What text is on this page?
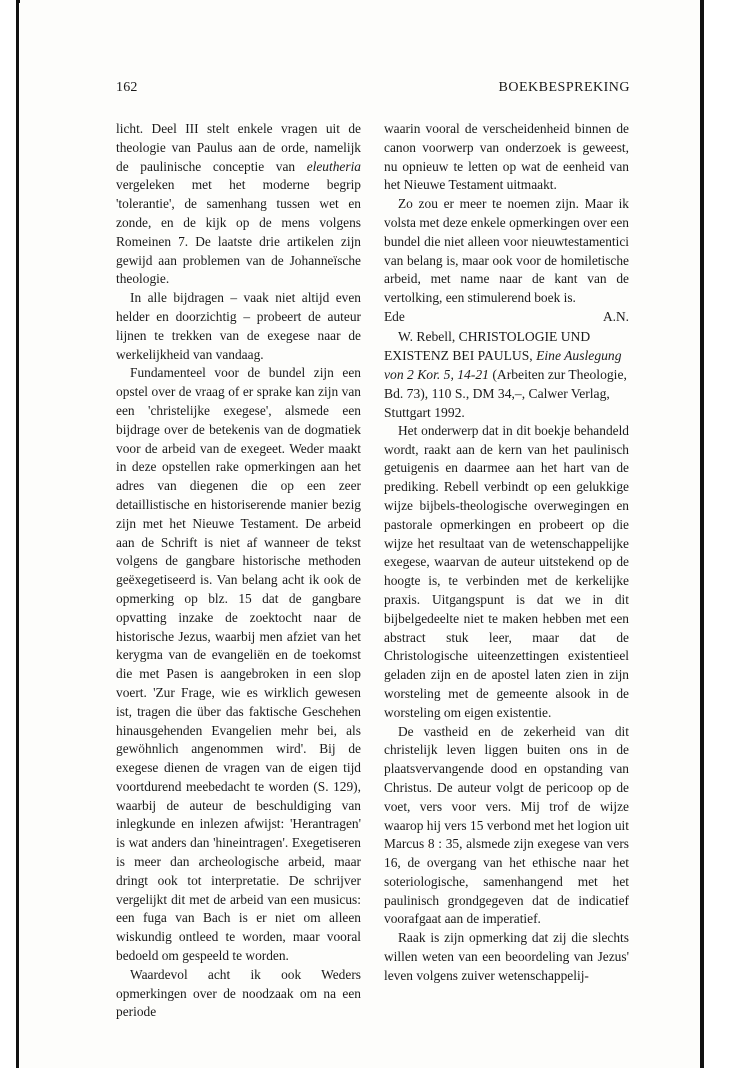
162	BOEKBESPREKING

licht. Deel III stelt enkele vragen uit de theologie van Paulus aan de orde, namelijk de paulinische conceptie van eleutheria vergeleken met het moderne begrip 'tolerantie', de samenhang tussen wet en zonde, en de kijk op de mens volgens Romeinen 7. De laatste drie artikelen zijn gewijd aan problemen van de Johanneïsche theologie.

In alle bijdragen – vaak niet altijd even helder en doorzichtig – probeert de auteur lijnen te trekken van de exegese naar de werkelijkheid van vandaag.

Fundamenteel voor de bundel zijn een opstel over de vraag of er sprake kan zijn van een 'christelijke exegese', alsmede een bijdrage over de betekenis van de dogmatiek voor de arbeid van de exegeet. Weder maakt in deze opstellen rake opmerkingen aan het adres van diegenen die op een zeer detaillistische en historiserende manier bezig zijn met het Nieuwe Testament. De arbeid aan de Schrift is niet af wanneer de tekst volgens de gangbare historische methoden geëxegetiseerd is. Van belang acht ik ook de opmerking op blz. 15 dat de gangbare opvatting inzake de zoektocht naar de historische Jezus, waarbij men afziet van het kerygma van de evangeliën en de toekomst die met Pasen is aangebroken in een slop voert. 'Zur Frage, wie es wirklich gewesen ist, tragen die über das faktische Geschehen hinausgehenden Evangelien mehr bei, als gewöhnlich angenommen wird'. Bij de exegese dienen de vragen van de eigen tijd voortdurend meebedacht te worden (S. 129), waarbij de auteur de beschuldiging van inlegkunde en inlezen afwijst: 'Herantragen' is wat anders dan 'hineintragen'. Exegetiseren is meer dan archeologische arbeid, maar dringt ook tot interpretatie. De schrijver vergelijkt dit met de arbeid van een musicus: een fuga van Bach is er niet om alleen wiskundig ontleed te worden, maar vooral bedoeld om gespeeld te worden.

Waardevol acht ik ook Weders opmerkingen over de noodzaak om na een periode

waarin vooral de verscheidenheid binnen de canon voorwerp van onderzoek is geweest, nu opnieuw te letten op wat de eenheid van het Nieuwe Testament uitmaakt.

Zo zou er meer te noemen zijn. Maar ik volsta met deze enkele opmerkingen over een bundel die niet alleen voor nieuwtestamentici van belang is, maar ook voor de homiletische arbeid, met name naar de kant van de vertolking, een stimulerend boek is.

Ede	A.N.

W. Rebell, CHRISTOLOGIE UND EXISTENZ BEI PAULUS, Eine Auslegung von 2 Kor. 5, 14-21 (Arbeiten zur Theologie, Bd. 73), 110 S., DM 34,–, Calwer Verlag, Stuttgart 1992.

Het onderwerp dat in dit boekje behandeld wordt, raakt aan de kern van het paulinisch getuigenis en daarmee aan het hart van de prediking. Rebell verbindt op een gelukkige wijze bijbels-theologische overwegingen en pastorale opmerkingen en probeert op die wijze het resultaat van de wetenschappelijke exegese, waarvan de auteur uitstekend op de hoogte is, te verbinden met de kerkelijke praxis. Uitgangspunt is dat we in dit bijbelgedeelte niet te maken hebben met een abstract stuk leer, maar dat de Christologische uiteenzettingen existentieel geladen zijn en de apostel laten zien in zijn worsteling met de gemeente alsook in de worsteling om eigen existentie.

De vastheid en de zekerheid van dit christelijk leven liggen buiten ons in de plaatsvervangende dood en opstanding van Christus. De auteur volgt de pericoop op de voet, vers voor vers. Mij trof de wijze waarop hij vers 15 verbond met het logion uit Marcus 8 : 35, alsmede zijn exegese van vers 16, de overgang van het ethische naar het soteriologische, samenhangend met het paulinisch grondgegeven dat de indicatief voorafgaat aan de imperatief.

Raak is zijn opmerking dat zij die slechts willen weten van een beoordeling van Jezus' leven volgens zuiver wetenschappelij-
